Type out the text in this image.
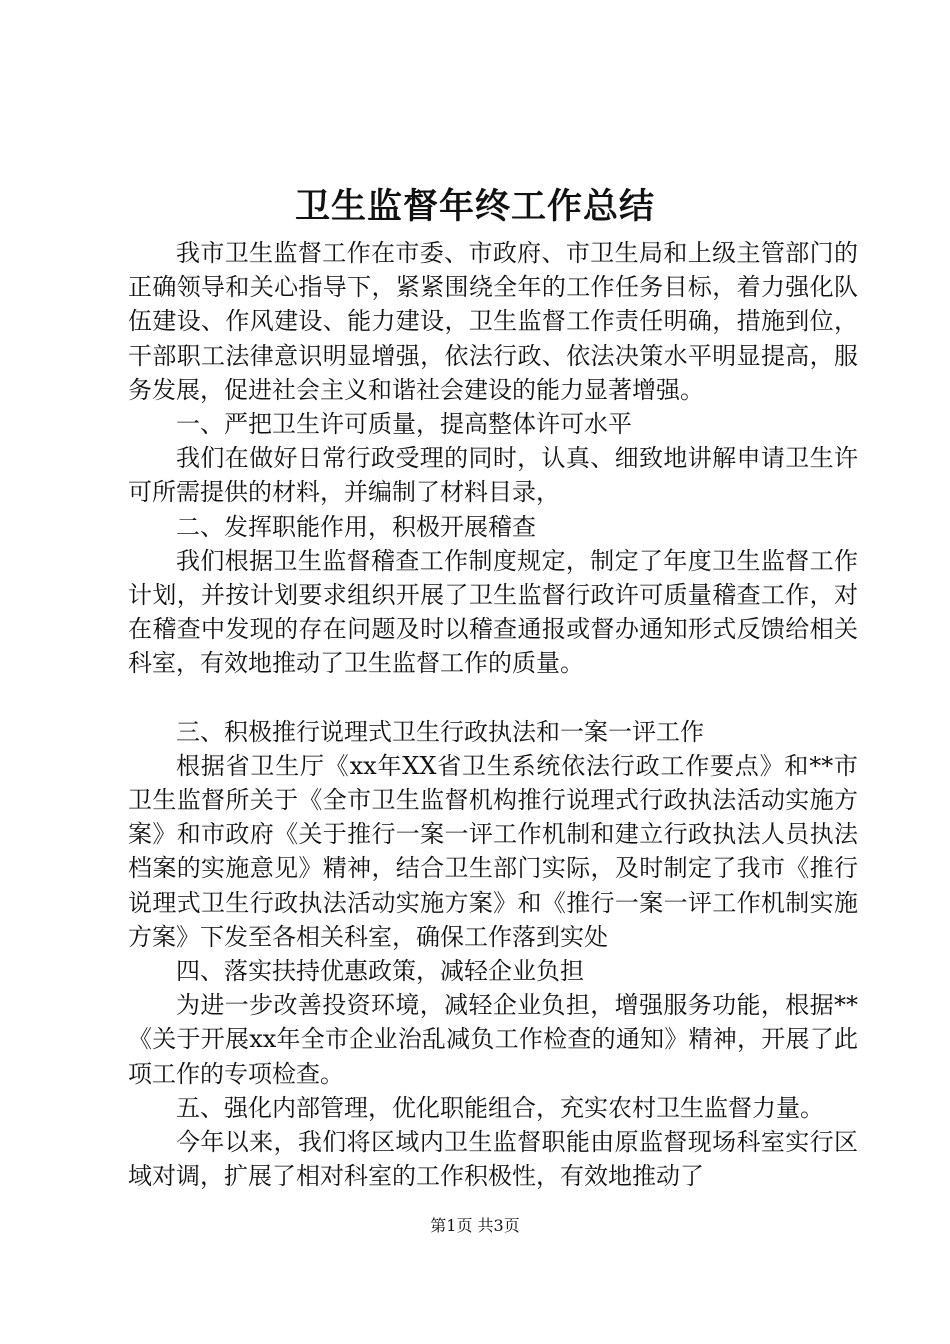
卫生监督年终工作总结

我市卫生监督工作在市委、市政府、市卫生局和上级主管部门的正确领导和关心指导下，紧紧围绕全年的工作任务目标，着力强化队伍建设、作风建设、能力建设，卫生监督工作责任明确，措施到位，干部职工法律意识明显增强，依法行政、依法决策水平明显提高，服务发展，促进社会主义和谐社会建设的能力显著增强。

一、严把卫生许可质量，提高整体许可水平

我们在做好日常行政受理的同时，认真、细致地讲解申请卫生许可所需提供的材料，并编制了材料目录，

二、发挥职能作用，积极开展稽查

我们根据卫生监督稽查工作制度规定，制定了年度卫生监督工作计划，并按计划要求组织开展了卫生监督行政许可质量稽查工作，对在稽查中发现的存在问题及时以稽查通报或督办通知形式反馈给相关科室，有效地推动了卫生监督工作的质量。

三、积极推行说理式卫生行政执法和一案一评工作

根据省卫生厅《xx年XX省卫生系统依法行政工作要点》和**市卫生监督所关于《全市卫生监督机构推行说理式行政执法活动实施方案》和市政府《关于推行一案一评工作机制和建立行政执法人员执法档案的实施意见》精神，结合卫生部门实际，及时制定了我市《推行说理式卫生行政执法活动实施方案》和《推行一案一评工作机制实施方案》下发至各相关科室，确保工作落到实处

四、落实扶持优惠政策，减轻企业负担

为进一步改善投资环境，减轻企业负担，增强服务功能，根据**《关于开展xx年全市企业治乱减负工作检查的通知》精神，开展了此项工作的专项检查。

五、强化内部管理，优化职能组合，充实农村卫生监督力量。

今年以来，我们将区域内卫生监督职能由原监督现场科室实行区域对调，扩展了相对科室的工作积极性，有效地推动了

第1页 共3页
